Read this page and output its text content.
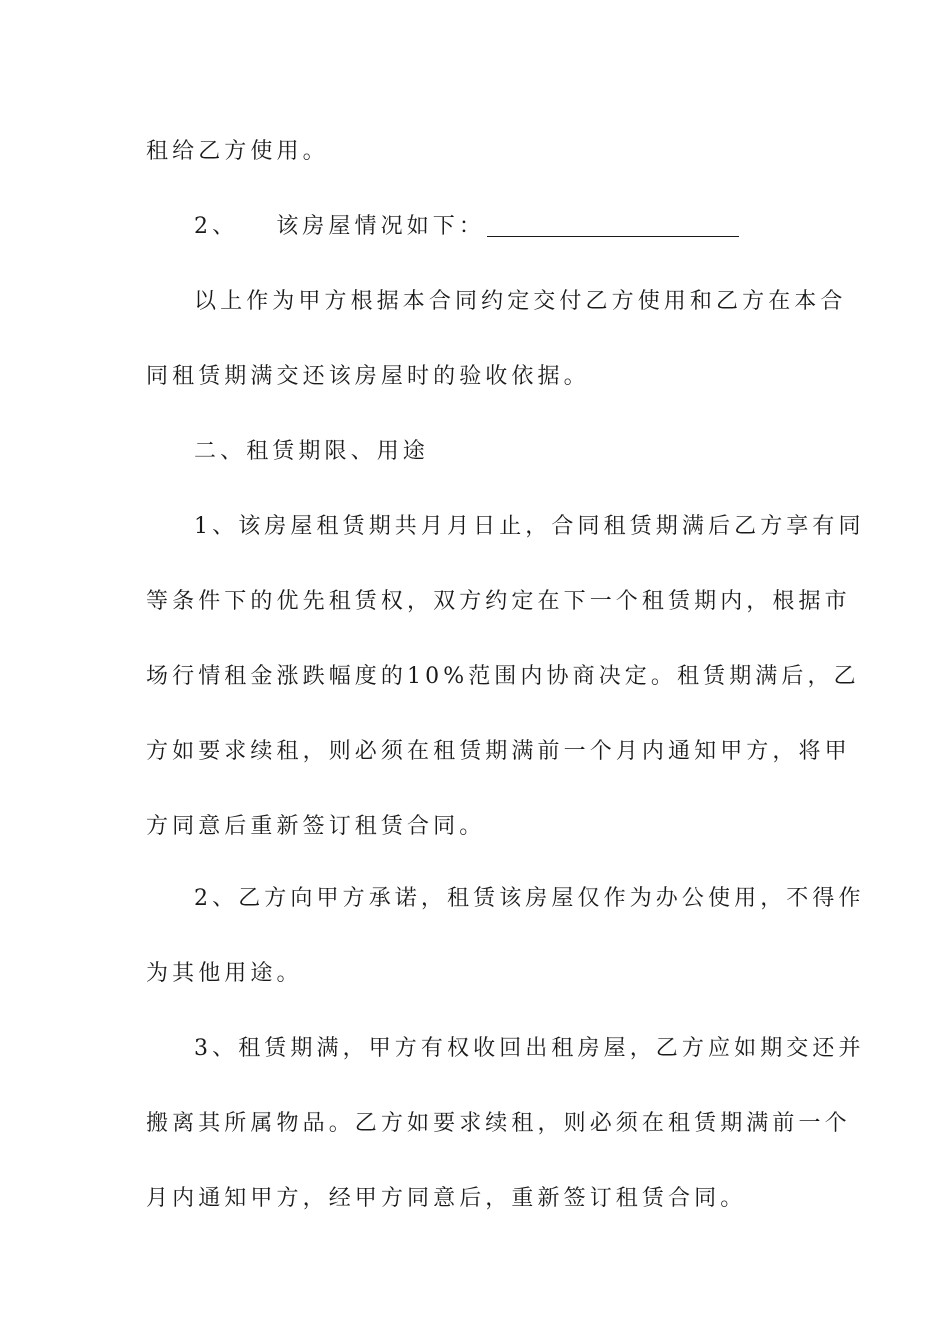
租给乙方使用。
2、 该房屋情况如下：
以上作为甲方根据本合同约定交付乙方使用和乙方在本合
同租赁期满交还该房屋时的验收依据。
二、租赁期限、用途
1、该房屋租赁期共月月日止，合同租赁期满后乙方享有同
等条件下的优先租赁权，双方约定在下一个租赁期内，根据市
场行情租金涨跌幅度的10%范围内协商决定。租赁期满后，乙
方如要求续租，则必须在租赁期满前一个月内通知甲方，将甲
方同意后重新签订租赁合同。
2、乙方向甲方承诺，租赁该房屋仅作为办公使用，不得作
为其他用途。
3、租赁期满，甲方有权收回出租房屋，乙方应如期交还并
搬离其所属物品。乙方如要求续租，则必须在租赁期满前一个
月内通知甲方，经甲方同意后，重新签订租赁合同。
